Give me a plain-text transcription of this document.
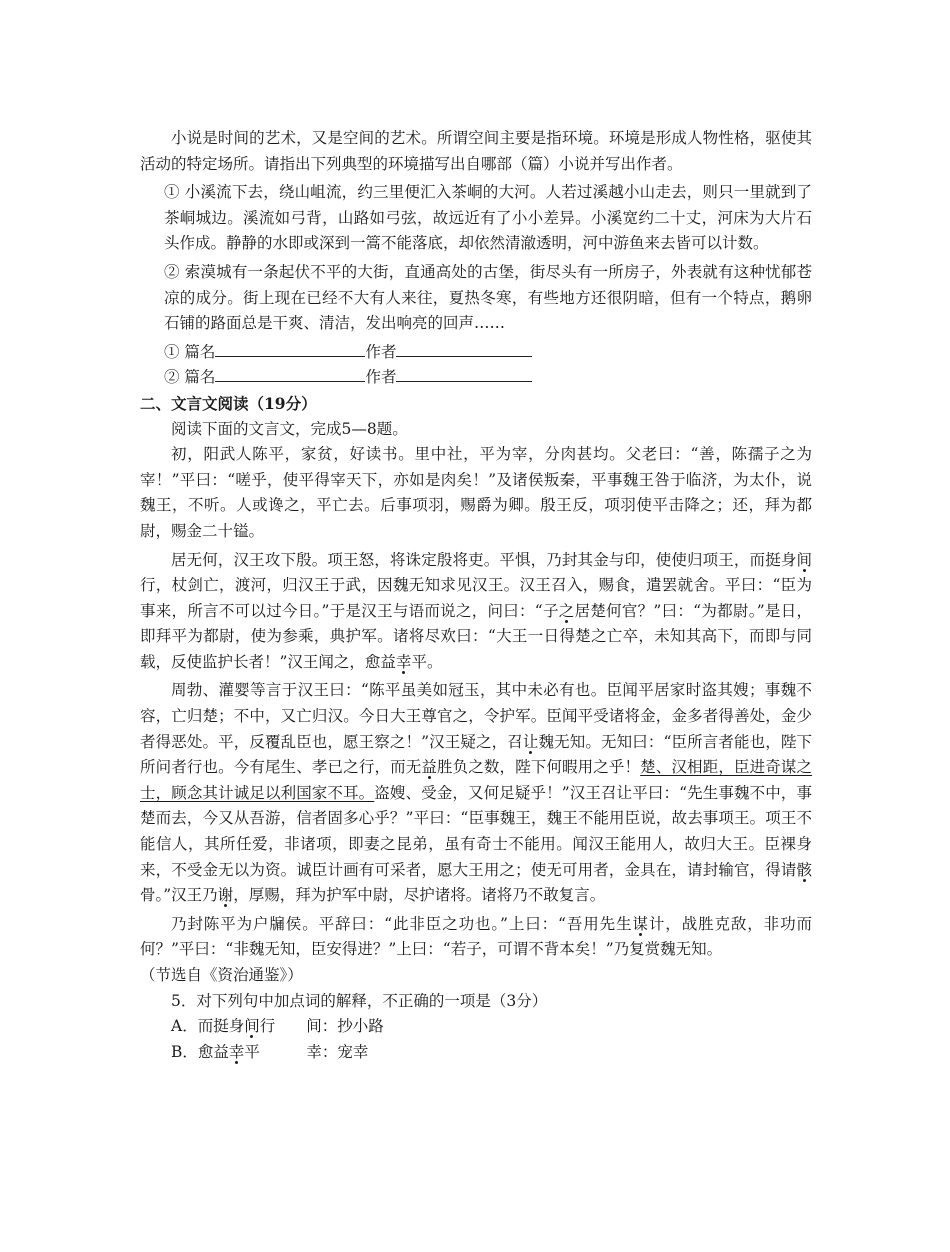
小说是时间的艺术，又是空间的艺术。所谓空间主要是指环境。环境是形成人物性格，驱使其活动的特定场所。请指出下列典型的环境描写出自哪部（篇）小说并写出作者。

① 小溪流下去，绕山岨流，约三里便汇入茶峒的大河。人若过溪越小山走去，则只一里就到了茶峒城边。溪流如弓背，山路如弓弦，故远近有了小小差异。小溪宽约二十丈，河床为大片石头作成。静静的水即或深到一篙不能落底，却依然清澈透明，河中游鱼来去皆可以计数。

② 索漠城有一条起伏不平的大街，直通高处的古堡，街尽头有一所房子，外表就有这种忧郁苍凉的成分。街上现在已经不大有人来往，夏热冬寒，有些地方还很阴暗，但有一个特点，鹅卵石铺的路面总是干爽、清洁，发出响亮的回声……

① 篇名	作者

② 篇名	作者

二、文言文阅读（19分）

阅读下面的文言文，完成5—8题。

初，阳武人陈平，家贫，好读书。里中社，平为宰，分肉甚均。父老曰：“善，陈孺子之为宰！”平曰：“嗟乎，使平得宰天下，亦如是肉矣！”及诸侯叛秦，平事魏王咎于临济，为太仆，说魏王，不听。人或谗之，平亡去。后事项羽，赐爵为卿。殷王反，项羽使平击降之；还，拜为都尉，赐金二十镒。

居无何，汉王攻下殷。项王怒，将诛定殷将吏。平惧，乃封其金与印，使使归项王，而挺身间行，杖剑亡，渡河，归汉王于武，因魏无知求见汉王。汉王召入，赐食，遣罢就舍。平曰：“臣为事来，所言不可以过今日。”于是汉王与语而说之，问曰：“子之居楚何官？”曰：“为都尉。”是日，即拜平为都尉，使为参乘，典护军。诸将尽欢曰：“大王一日得楚之亡卒，未知其高下，而即与同载，反使监护长者！”汉王闻之，愈益幸平。

周勃、灌婴等言于汉王曰：“陈平虽美如冠玉，其中未必有也。臣闻平居家时盗其嫂；事魏不容，亡归楚；不中，又亡归汉。今日大王尊官之，令护军。臣闻平受诸将金，金多者得善处，金少者得恶处。平，反覆乱臣也，愿王察之！”汉王疑之，召让魏无知。无知曰：“臣所言者能也，陛下所问者行也。今有尾生、孝已之行，而无益胜负之数，陛下何暇用之乎！楚、汉相距，臣进奇谋之士，顾念其计诚足以利国家不耳。盗嫂、受金，又何足疑乎！”汉王召让平曰：“先生事魏不中，事楚而去，今又从吾游，信者固多心乎？”平曰：“臣事魏王，魏王不能用臣说，故去事项王。项王不能信人，其所任爱，非诸项，即妻之昆弟，虽有奇士不能用。闻汉王能用人，故归大王。臣裸身来，不受金无以为资。诚臣计画有可采者，愿大王用之；使无可用者，金具在，请封输官，得请骸骨。”汉王乃谢，厚赐，拜为护军中尉，尽护诸将。诸将乃不敢复言。

乃封陈平为户牖侯。平辞曰：“此非臣之功也。”上曰：“吾用先生谋计，战胜克敌，非功而何？”平曰：“非魏无知，臣安得进？”上曰：“若子，可谓不背本矣！”乃复赏魏无知。

（节选自《资治通鉴》）

5．对下列句中加点词的解释，不正确的一项是（3分）

A．而挺身间行　　间：抄小路

B．愈益幸平　　　幸：宠幸
